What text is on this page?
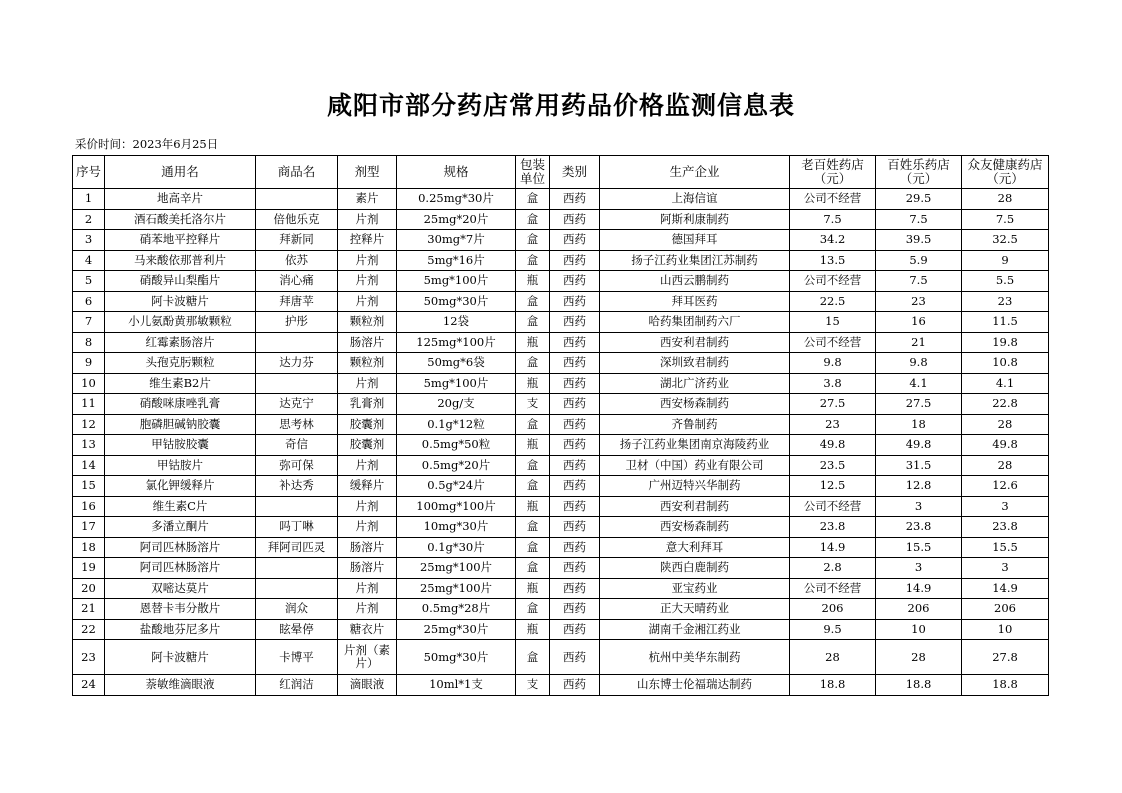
咸阳市部分药店常用药品价格监测信息表
采价时间：2023年6月25日
序号	通用名	商品名	剂型	规格	包装单位	类别	生产企业	老百姓药店（元）	百姓乐药店（元）	众友健康药店（元）
1	地高辛片		素片	0.25mg*30片	盒	西药	上海信谊	公司不经营	29.5	28
2	酒石酸美托洛尔片	倍他乐克	片剂	25mg*20片	盒	西药	阿斯利康制药	7.5	7.5	7.5
3	硝苯地平控释片	拜新同	控释片	30mg*7片	盒	西药	德国拜耳	34.2	39.5	32.5
4	马来酸依那普利片	依苏	片剂	5mg*16片	盒	西药	扬子江药业集团江苏制药	13.5	5.9	9
5	硝酸异山梨酯片	消心痛	片剂	5mg*100片	瓶	西药	山西云鹏制药	公司不经营	7.5	5.5
6	阿卡波糖片	拜唐苹	片剂	50mg*30片	盒	西药	拜耳医药	22.5	23	23
7	小儿氨酚黄那敏颗粒	护彤	颗粒剂	12袋	盒	西药	哈药集团制药六厂	15	16	11.5
8	红霉素肠溶片		肠溶片	125mg*100片	瓶	西药	西安利君制药	公司不经营	21	19.8
9	头孢克肟颗粒	达力芬	颗粒剂	50mg*6袋	盒	西药	深圳致君制药	9.8	9.8	10.8
10	维生素B2片		片剂	5mg*100片	瓶	西药	湖北广济药业	3.8	4.1	4.1
11	硝酸咪康唑乳膏	达克宁	乳膏剂	20g/支	支	西药	西安杨森制药	27.5	27.5	22.8
12	胞磷胆碱钠胶囊	思考林	胶囊剂	0.1g*12粒	盒	西药	齐鲁制药	23	18	28
13	甲钴胺胶囊	奇信	胶囊剂	0.5mg*50粒	瓶	西药	扬子江药业集团南京海陵药业	49.8	49.8	49.8
14	甲钴胺片	弥可保	片剂	0.5mg*20片	盒	西药	卫材（中国）药业有限公司	23.5	31.5	28
15	氯化钾缓释片	补达秀	缓释片	0.5g*24片	盒	西药	广州迈特兴华制药	12.5	12.8	12.6
16	维生素C片		片剂	100mg*100片	瓶	西药	西安利君制药	公司不经营	3	3
17	多潘立酮片	吗丁啉	片剂	10mg*30片	盒	西药	西安杨森制药	23.8	23.8	23.8
18	阿司匹林肠溶片	拜阿司匹灵	肠溶片	0.1g*30片	盒	西药	意大利拜耳	14.9	15.5	15.5
19	阿司匹林肠溶片		肠溶片	25mg*100片	盒	西药	陕西白鹿制药	2.8	3	3
20	双嘧达莫片		片剂	25mg*100片	瓶	西药	亚宝药业	公司不经营	14.9	14.9
21	恩替卡韦分散片	润众	片剂	0.5mg*28片	盒	西药	正大天晴药业	206	206	206
22	盐酸地芬尼多片	眩晕停	糖衣片	25mg*30片	瓶	西药	湖南千金湘江药业	9.5	10	10
23	阿卡波糖片	卡博平	片剂（素片）	50mg*30片	盒	西药	杭州中美华东制药	28	28	27.8
24	萘敏维滴眼液	红润洁	滴眼液	10ml*1支	支	西药	山东博士伦福瑞达制药	18.8	18.8	18.8
